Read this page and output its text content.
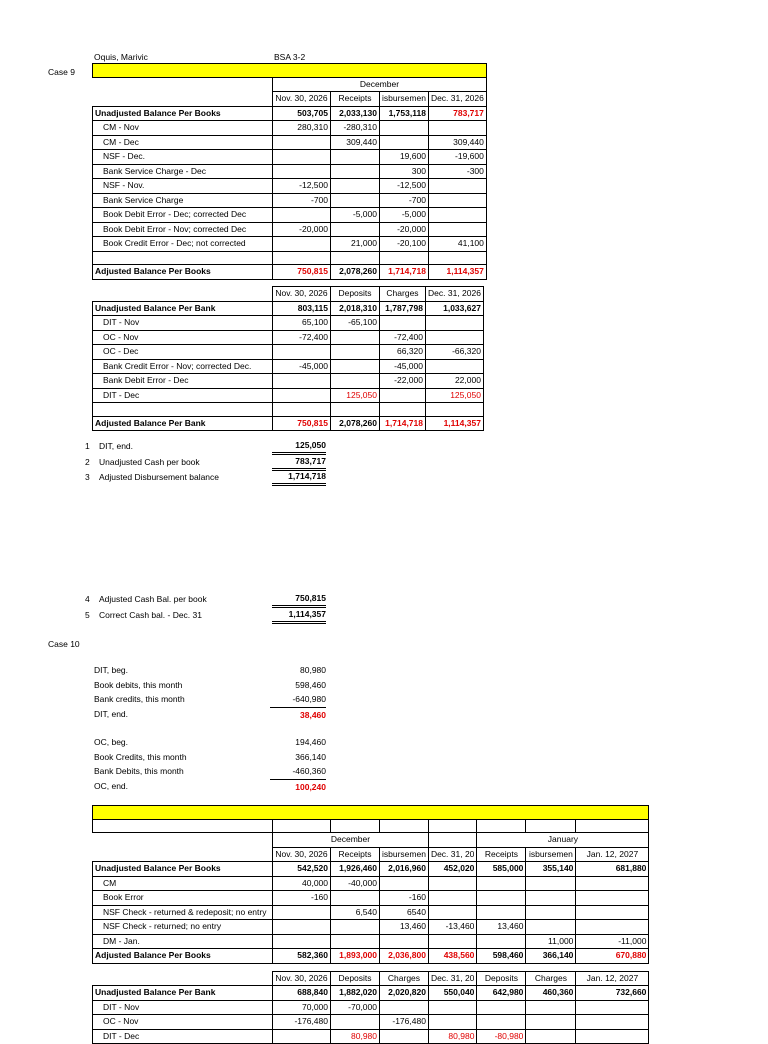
Oquis, Marivic	BSA 3-2
Case 9

	December			
	Nov. 30, 2026	Receipts	isbursemen	Dec. 31, 2026
Unadjusted Balance Per Books	503,705	2,033,130	1,753,118	783,717
CM - Nov	280,310	-280,310		
CM - Dec		309,440		309,440
NSF - Dec.			19,600	-19,600
Bank Service Charge - Dec			300	-300
NSF - Nov.	-12,500		-12,500	
Bank Service Charge	-700		-700	
Book Debit Error - Dec; corrected Dec		-5,000	-5,000	
Book Debit Error - Nov; corrected Dec	-20,000		-20,000	
Book Credit Error - Dec; not corrected		21,000	-20,100	41,100

Adjusted Balance Per Books	750,815	2,078,260	1,714,718	1,114,357
	Nov. 30, 2026	Deposits	Charges	Dec. 31, 2026
Unadjusted Balance Per Bank	803,115	2,018,310	1,787,798	1,033,627
DIT - Nov	65,100	-65,100		
OC - Nov	-72,400		-72,400	
OC - Dec			66,320	-66,320
Bank Credit Error - Nov; corrected Dec.	-45,000		-45,000	
Bank Debit Error - Dec			-22,000	22,000
DIT - Dec		125,050		125,050

Adjusted Balance Per Bank	750,815	2,078,260	1,714,718	1,114,357
1 DIT, end.	125,050
2 Unadjusted Cash per book	783,717
3 Adjusted Disbursement balance	1,714,718
4 Adjusted Cash Bal. per book	750,815
5 Correct Cash bal. - Dec. 31	1,114,357
Case 10
DIT, beg.	80,980
Book debits, this month	598,460
Bank credits, this month	-640,980
DIT, end.	38,460
OC, beg.	194,460
Book Credits, this month	366,140
Bank Debits, this month	-460,360
OC, end.	100,240

	December				January		
	Nov. 30, 2026	Receipts	isbursemen	Dec. 31, 20	Receipts	isbursemen	Jan. 12, 2027
Unadjusted Balance Per Books	542,520	1,926,460	2,016,960	452,020	585,000	355,140	681,880
CM	40,000	-40,000					
Book Error	-160		-160				
NSF Check - returned & redeposit; no entry		6,540	6540				
NSF Check - returned; no entry			13,460	-13,460	13,460		
DM - Jan.						11,000	-11,000
Adjusted Balance Per Books	582,360	1,893,000	2,036,800	438,560	598,460	366,140	670,880

	Nov. 30, 2026	Deposits	Charges	Dec. 31, 20	Deposits	Charges	Jan. 12, 2027
Unadjusted Balance Per Bank	688,840	1,882,020	2,020,820	550,040	642,980	460,360	732,660
DIT - Nov	70,000	-70,000					
OC - Nov	-176,480		-176,480				
DIT - Dec		80,980		80,980	-80,980		
